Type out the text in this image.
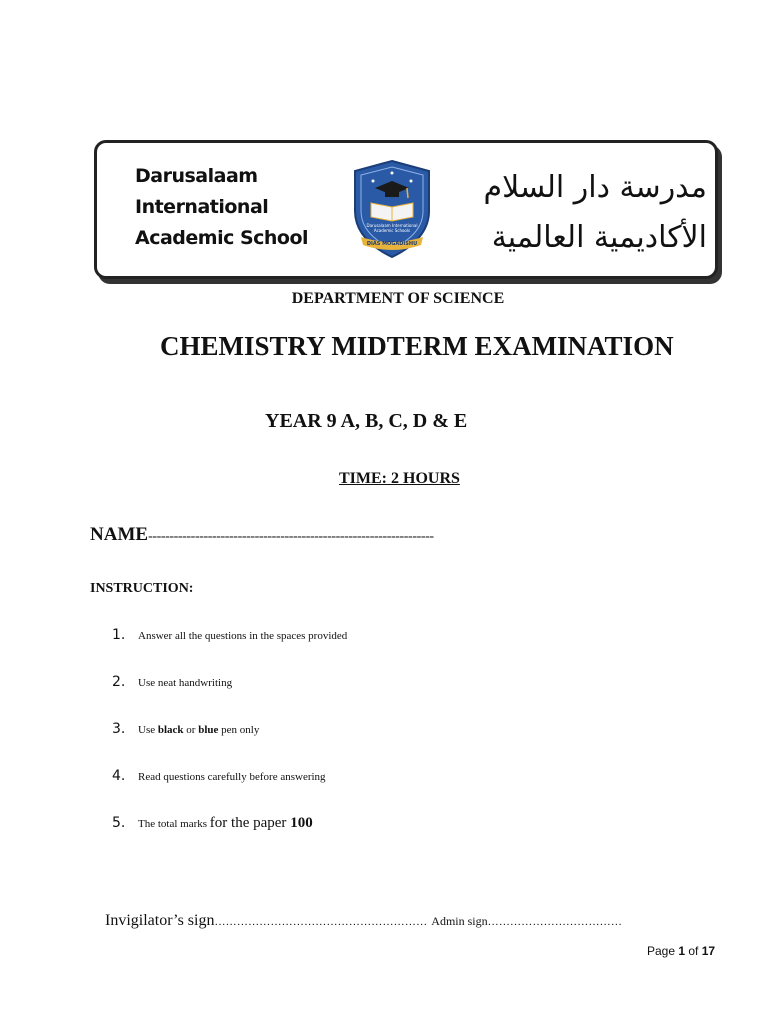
Darusalaam
International
Academic School
Darusalaam International
Academic Schools
DIAS MOGADISHU
مدرسة دار السلام
الأكاديمية العالمية
DEPARTMENT OF SCIENCE
CHEMISTRY MIDTERM EXAMINATION
YEAR 9 A, B, C, D & E
TIME: 2 HOURS
NAME-------------------------------------------------------------------
INSTRUCTION:
1. Answer all the questions in the spaces provided
2. Use neat handwriting
3. Use black or blue pen only
4. Read questions carefully before answering
5. The total marks for the paper 100
Invigilator’s sign………………………………………………… Admin sign………………………………
Page 1 of 17
